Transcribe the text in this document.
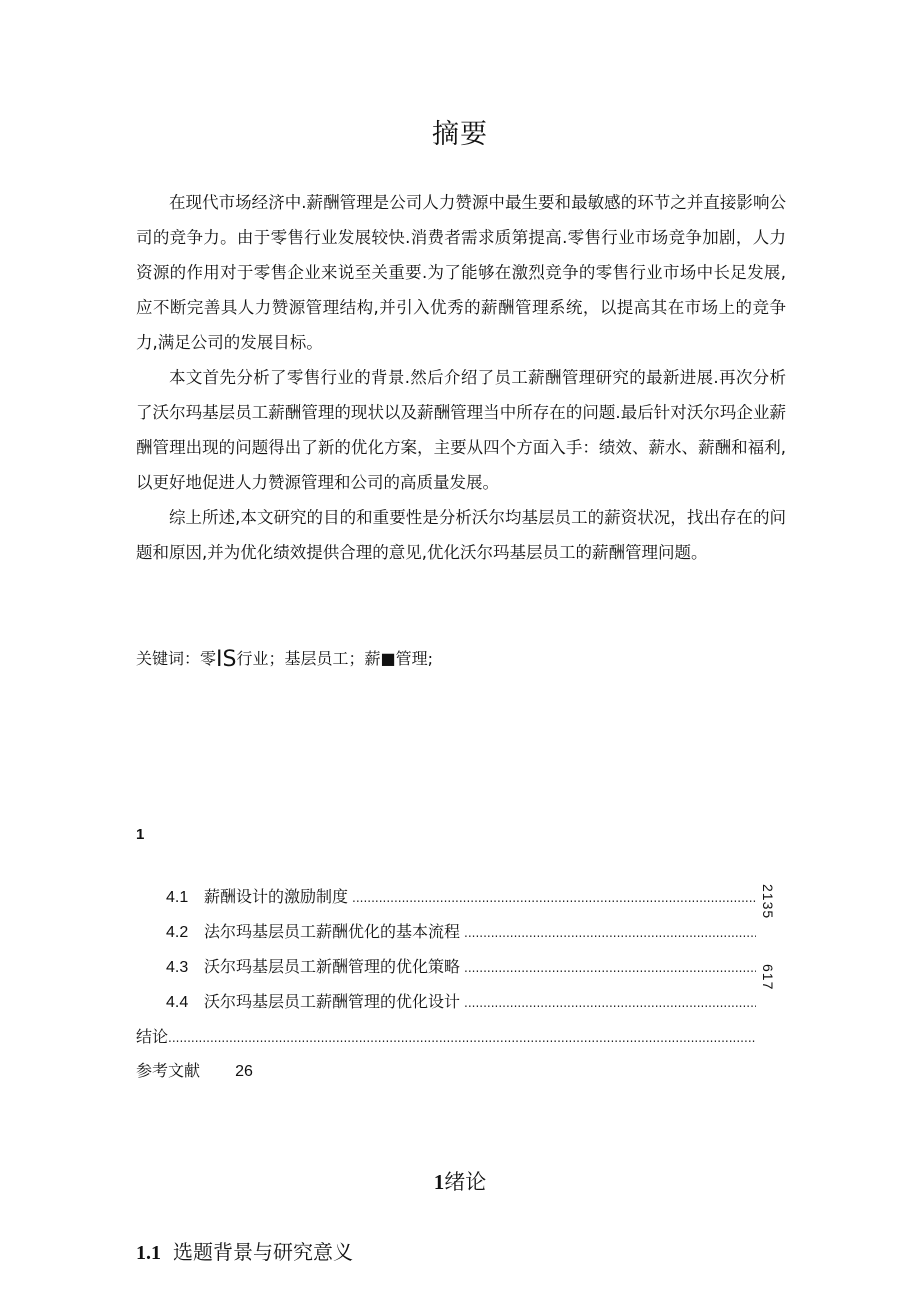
摘要

在现代市场经济中.薪酬管理是公司人力赞源中最生要和最敏感的环节之并直接影响公司的竞争力。由于零售行业发展较快.消费者需求质第提高.零售行业市场竞争加剧，人力资源的作用对于零售企业来说至关重要.为了能够在激烈竞争的零售行业市场中长足发展,应不断完善具人力赞源管理结构,并引入优秀的薪酬管理系统，以提高其在市场上的竞争力,满足公司的发展目标。

本文首先分析了零售行业的背景.然后介绍了员工薪酬管理研究的最新进展.再次分析了沃尔玛基层员工薪酬管理的现状以及薪酬管理当中所存在的问题.最后针对沃尔玛企业薪酬管理出现的问题得出了新的优化方案，主要从四个方面入手：绩效、薪水、薪酬和福利,以更好地促进人力赞源管理和公司的高质量发展。

综上所述,本文研究的目的和重要性是分析沃尔均基层员工的薪资状况，找出存在的问题和原因,并为优化绩效提供合理的意见,优化沃尔玛基层员工的薪酬管理问题。

关键词：零IS行业；基层员工；薪■管理;
1
4.1 薪酬设计的激励制度
.....
4.2 法尔玛基层员工薪酬优化的基本流程
.....
4.3 沃尔玛基层员工新酬管理的优化策略
.....
4.4 沃尔玛基层员工薪酬管理的优化设计
.....
2135
617
结论
.....
参考文献 26
1绪论
1.1 选题背景与研究意义
